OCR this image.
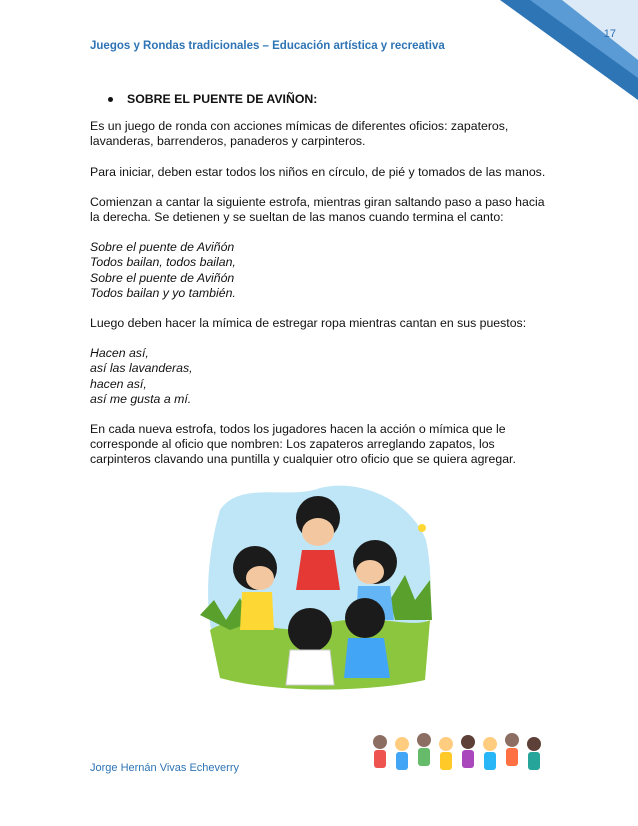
17
Juegos y Rondas tradicionales – Educación artística y recreativa
SOBRE EL PUENTE DE AVIÑON:

Es un juego de ronda con acciones mímicas de diferentes oficios: zapateros, lavanderas, barrenderos, panaderos y carpinteros.

Para iniciar, deben estar todos los niños en círculo, de pié y tomados de las manos.

Comienzan a cantar la siguiente estrofa, mientras giran saltando paso a paso hacia la derecha. Se detienen y se sueltan de las manos cuando termina el canto:

Sobre el puente de Aviñón

Todos bailan, todos bailan,

Sobre el puente de Aviñón

Todos bailan y yo también.

Luego deben hacer la mímica de estregar ropa mientras cantan en sus puestos:

Hacen así,

así las lavanderas,

hacen así,

así me gusta a mí.

En cada nueva estrofa, todos los jugadores hacen la acción o mímica que le corresponde al oficio que nombren: Los zapateros arreglando zapatos, los carpinteros clavando una puntilla y cualquier otro oficio que se quiera agregar.

Jorge Hernán Vivas Echeverry
